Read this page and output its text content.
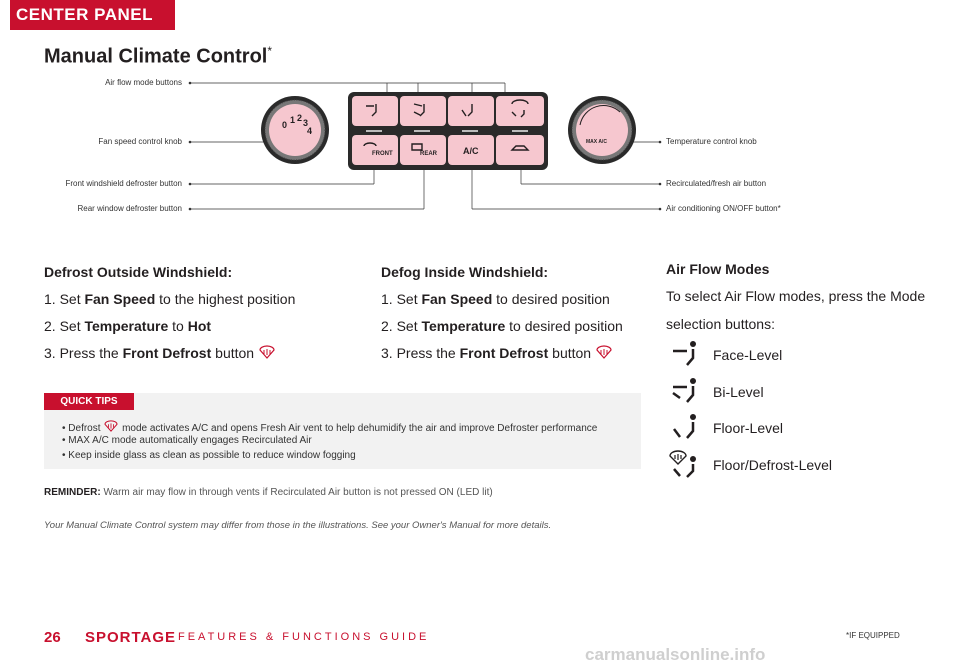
CENTER PANEL
Manual Climate Control*
0 1 2 3
4
FRONT	REAR	A/C
MAX A/C
Air flow mode buttons
Fan speed control knob
Front windshield defroster button
Rear window defroster button
Temperature control knob
Recirculated/fresh air button
Air conditioning ON/OFF button*
Defrost Outside Windshield:
1. Set Fan Speed to the highest position
2. Set Temperature to Hot
3. Press the Front Defrost button
Defog Inside Windshield:
1. Set Fan Speed to desired position
2. Set Temperature to desired position
3. Press the Front Defrost button
Air Flow Modes
To select Air Flow modes, press the Mode
selection buttons:
Face-Level
Bi-Level
Floor-Level
Floor/Defrost-Level
QUICK TIPS
• Defrost mode activates A/C and opens Fresh Air vent to help dehumidify the air and improve Defroster performance
• MAX A/C mode automatically engages Recirculated Air
• Keep inside glass as clean as possible to reduce window fogging
REMINDER: Warm air may flow in through vents if Recirculated Air button is not pressed ON (LED lit)
Your Manual Climate Control system may differ from those in the illustrations. See your Owner's Manual for more details.
26 SPORTAGE FEATURES & FUNCTIONS GUIDE	*IF EQUIPPED
carmanualsonline.info
